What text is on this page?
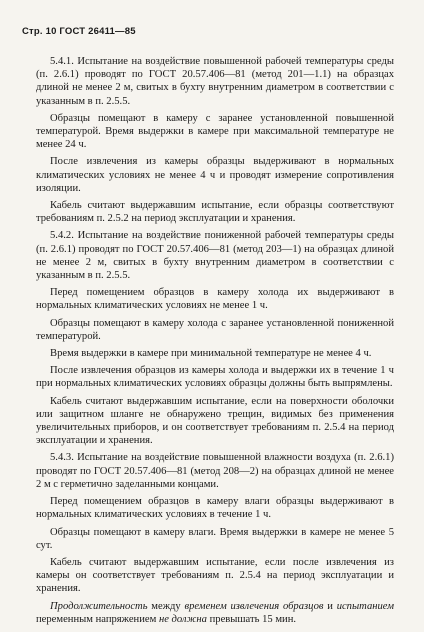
Стр. 10 ГОСТ 26411—85

5.4.1. Испытание на воздействие повышенной рабочей температуры среды (п. 2.6.1) проводят по ГОСТ 20.57.406—81 (метод 201—1.1) на образцах длиной не менее 2 м, свитых в бухту внутренним диаметром в соответствии с указанным в п. 2.5.5.

Образцы помещают в камеру с заранее установленной повышенной температурой. Время выдержки в камере при максимальной температуре не менее 24 ч.

После извлечения из камеры образцы выдерживают в нормальных климатических условиях не менее 4 ч и проводят измерение сопротивления изоляции.

Кабель считают выдержавшим испытание, если образцы соответствуют требованиям п. 2.5.2 на период эксплуатации и хранения.

5.4.2. Испытание на воздействие пониженной рабочей температуры среды (п. 2.6.1) проводят по ГОСТ 20.57.406—81 (метод 203—1) на образцах длиной не менее 2 м, свитых в бухту внутренним диаметром в соответствии с указанным в п. 2.5.5.

Перед помещением образцов в камеру холода их выдерживают в нормальных климатических условиях не менее 1 ч.

Образцы помещают в камеру холода с заранее установленной пониженной температурой.

Время выдержки в камере при минимальной температуре не менее 4 ч.

После извлечения образцов из камеры холода и выдержки их в течение 1 ч при нормальных климатических условиях образцы должны быть выпрямлены.

Кабель считают выдержавшим испытание, если на поверхности оболочки или защитном шланге не обнаружено трещин, видимых без применения увеличительных приборов, и он соответствует требованиям п. 2.5.4 на период эксплуатации и хранения.

5.4.3. Испытание на воздействие повышенной влажности воздуха (п. 2.6.1) проводят по ГОСТ 20.57.406—81 (метод 208—2) на образцах длиной не менее 2 м с герметично заделанными концами.

Перед помещением образцов в камеру влаги образцы выдерживают в нормальных климатических условиях в течение 1 ч.

Образцы помещают в камеру влаги. Время выдержки в камере не менее 5 сут.

Кабель считают выдержавшим испытание, если после извлечения из камеры он соответствует требованиям п. 2.5.4 на период эксплуатации и хранения.

Продолжительность между временем извлечения образцов и испытанием переменным напряжением не должна превышать 15 мин.
